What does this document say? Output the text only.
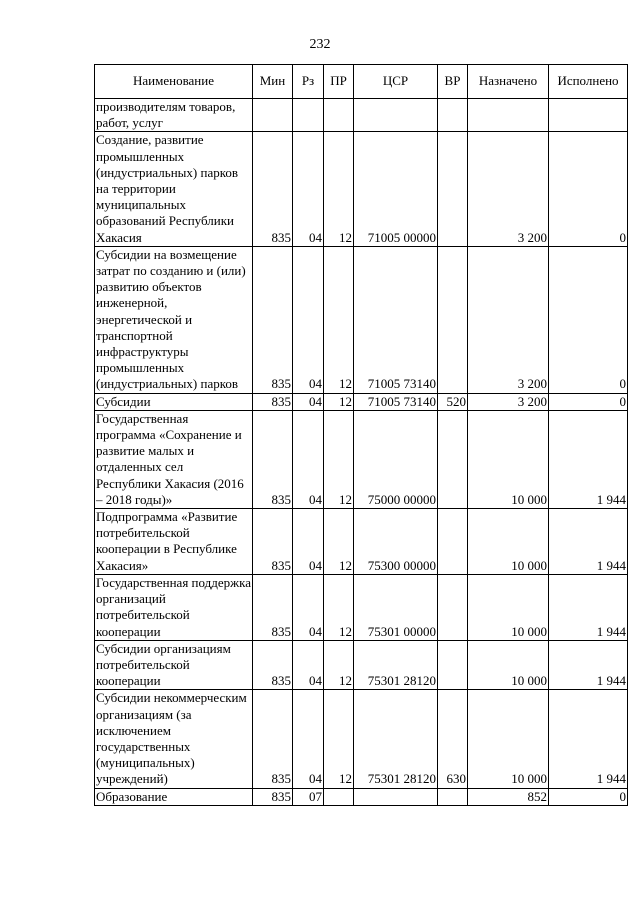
232
Наименование	Мин	Рз	ПР	ЦСР	ВР	Назначено	Исполнено
производителям товаров, работ, услуг							
Создание, развитие промышленных (индустриальных) парков на территории муниципальных образований Республики Хакасия	835	04	12	71005 00000		3 200	0
Субсидии на возмещение затрат по созданию и (или) развитию объектов инженерной, энергетической и транспортной инфраструктуры промышленных (индустриальных) парков	835	04	12	71005 73140		3 200	0
Субсидии	835	04	12	71005 73140	520	3 200	0
Государственная программа «Сохранение и развитие малых и отдаленных сел Республики Хакасия (2016 – 2018 годы)»	835	04	12	75000 00000		10 000	1 944
Подпрограмма «Развитие потребительской кооперации в Республике Хакасия»	835	04	12	75300 00000		10 000	1 944
Государственная поддержка организаций потребительской кооперации	835	04	12	75301 00000		10 000	1 944
Субсидии организациям потребительской кооперации	835	04	12	75301 28120		10 000	1 944
Субсидии некоммерческим организациям (за исключением государственных (муниципальных) учреждений)	835	04	12	75301 28120	630	10 000	1 944
Образование	835	07				852	0
